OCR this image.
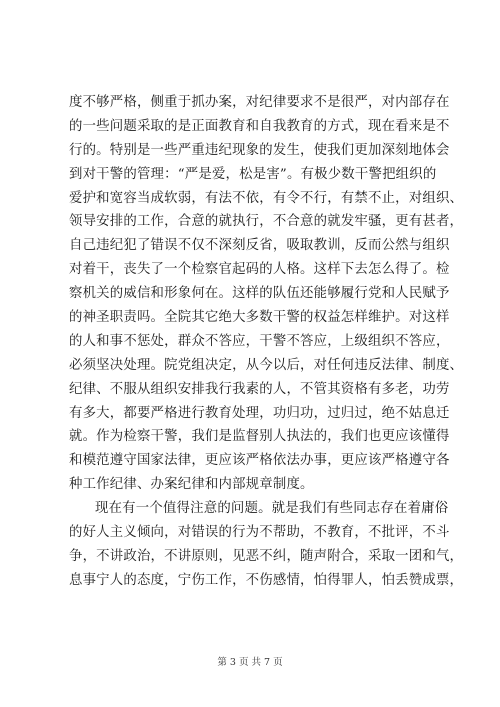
度不够严格，侧重于抓办案，对纪律要求不是很严，对内部存在
的一些问题采取的是正面教育和自我教育的方式，现在看来是不
行的。特别是一些严重违纪现象的发生，使我们更加深刻地体会
到对干警的管理：“严是爱，松是害”。有极少数干警把组织的
爱护和宽容当成软弱，有法不依，有令不行，有禁不止，对组织、
领导安排的工作，合意的就执行，不合意的就发牢骚，更有甚者，
自己违纪犯了错误不仅不深刻反省，吸取教训，反而公然与组织
对着干，丧失了一个检察官起码的人格。这样下去怎么得了。检
察机关的威信和形象何在。这样的队伍还能够履行党和人民赋予
的神圣职责吗。全院其它绝大多数干警的权益怎样维护。对这样
的人和事不惩处，群众不答应，干警不答应，上级组织不答应，
必须坚决处理。院党组决定，从今以后，对任何违反法律、制度、
纪律、不服从组织安排我行我素的人，不管其资格有多老，功劳
有多大，都要严格进行教育处理，功归功，过归过，绝不姑息迁
就。作为检察干警，我们是监督别人执法的，我们也更应该懂得
和模范遵守国家法律，更应该严格依法办事，更应该严格遵守各
种工作纪律、办案纪律和内部规章制度。
现在有一个值得注意的问题。就是我们有些同志存在着庸俗
的好人主义倾向，对错误的行为不帮助，不教育，不批评，不斗
争，不讲政治，不讲原则，见恶不纠，随声附合，采取一团和气，
息事宁人的态度，宁伤工作，不伤感情，怕得罪人，怕丢赞成票，
第 3 页 共 7 页
